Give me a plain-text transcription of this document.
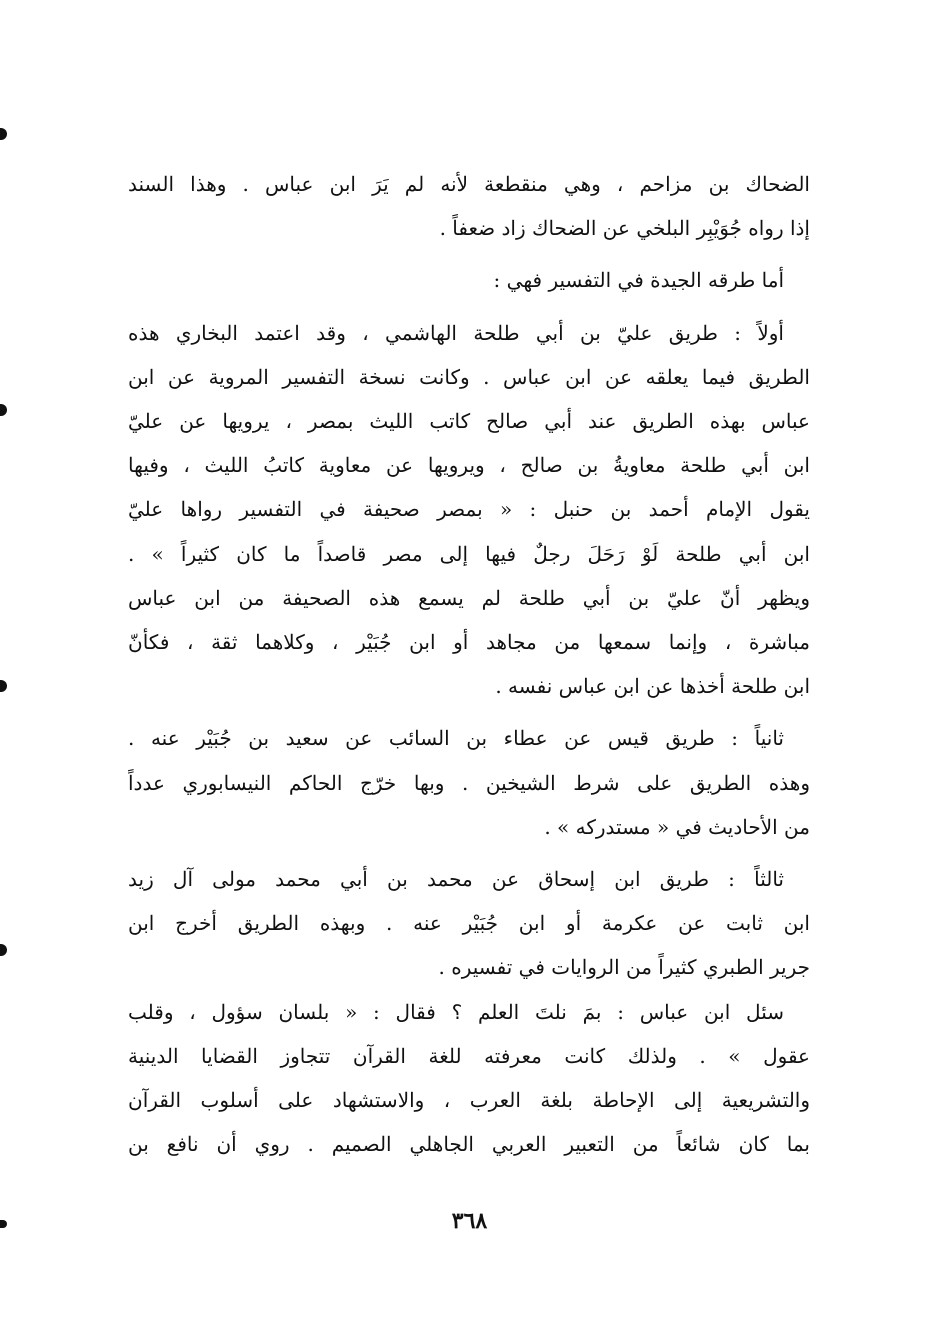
الضحاك بن مزاحم ، وهي منقطعة لأنه لم يَرَ ابن عباس . وهذا السند
إذا رواه جُوَيْبِر البلخي عن الضحاك زاد ضعفاً .
أما طرقه الجيدة في التفسير فهي :
أولاً : طريق عليّ بن أبي طلحة الهاشمي ، وقد اعتمد البخاري هذه
الطريق فيما يعلقه عن ابن عباس . وكانت نسخة التفسير المروية عن ابن
عباس بهذه الطريق عند أبي صالح كاتب الليث بمصر ، يرويها عن عليّ
ابن أبي طلحة معاويةُ بن صالح ، ويرويها عن معاوية كاتبُ الليث ، وفيها
يقول الإمام أحمد بن حنبل : « بمصر صحيفة في التفسير رواها عليّ
ابن أبي طلحة لَوْ رَحَلَ رجلٌ فيها إلى مصر قاصداً ما كان كثيراً » .
ويظهر أنّ عليّ بن أبي طلحة لم يسمع هذه الصحيفة من ابن عباس
مباشرة ، وإنما سمعها من مجاهد أو ابن جُبَيْر ، وكلاهما ثقة ، فكأنّ
ابن طلحة أخذها عن ابن عباس نفسه .
ثانياً : طريق قيس عن عطاء بن السائب عن سعيد بن جُبَيْر عنه .
وهذه الطريق على شرط الشيخين . وبها خرّج الحاكم النيسابوري عدداً
من الأحاديث في « مستدركه » .
ثالثاً : طريق ابن إسحاق عن محمد بن أبي محمد مولى آل زيد
ابن ثابت عن عكرمة أو ابن جُبَيْر عنه . وبهذه الطريق أخرج ابن
جرير الطبري كثيراً من الروايات في تفسيره .
سئل ابن عباس : بمَ نلتَ العلم ؟ فقال : « بلسان سؤول ، وقلب
عقول » . ولذلك كانت معرفته للغة القرآن تتجاوز القضايا الدينية
والتشريعية إلى الإحاطة بلغة العرب ، والاستشهاد على أسلوب القرآن
بما كان شائعاً من التعبير العربي الجاهلي الصميم . روي أن نافع بن
٣٦٨
